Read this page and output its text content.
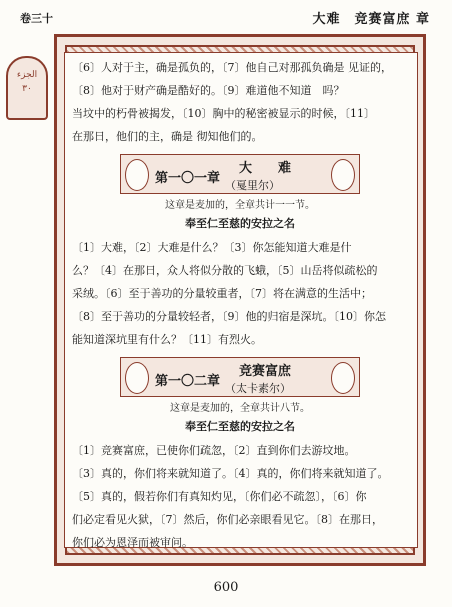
卷三十	大难　竞赛富庶 章
الجزء
٣٠
〔6〕人对于主，确是孤负的，〔7〕他自己对那孤负确是 见证的，
〔8〕他对于财产确是酷好的。〔9〕难道他不知道　吗？
当坟中的朽骨被揭发，〔10〕胸中的秘密被显示的时候，〔11〕
在那日，他们的主，确是 彻知他们的。
第一〇一章
大　　难
（戛里尔）
这章是麦加的，全章共计一一节。
奉至仁至慈的安拉之名
〔1〕大难，〔2〕大难是什么？〔3〕你怎能知道大难是什
么？〔4〕在那日，众人将似分散的飞蛾，〔5〕山岳将似疏松的
采绒。〔6〕至于善功的分量较重者，〔7〕将在满意的生活中；
〔8〕至于善功的分量较轻者，〔9〕他的归宿是深坑。〔10〕你怎
能知道深坑里有什么？〔11〕有烈火。
第一〇二章
竞赛富庶
（太卡素尔）
这章是麦加的，全章共计八节。
奉至仁至慈的安拉之名
〔1〕竞赛富庶，已使你们疏忽，〔2〕直到你们去游坟地。
〔3〕真的，你们将来就知道了。〔4〕真的，你们将来就知道了。
〔5〕真的，假若你们有真知灼见，〔你们必不疏忽〕，〔6〕你
们必定看见火狱，〔7〕然后，你们必亲眼看见它。〔8〕在那日，
你们必为恩泽而被审问。
600
